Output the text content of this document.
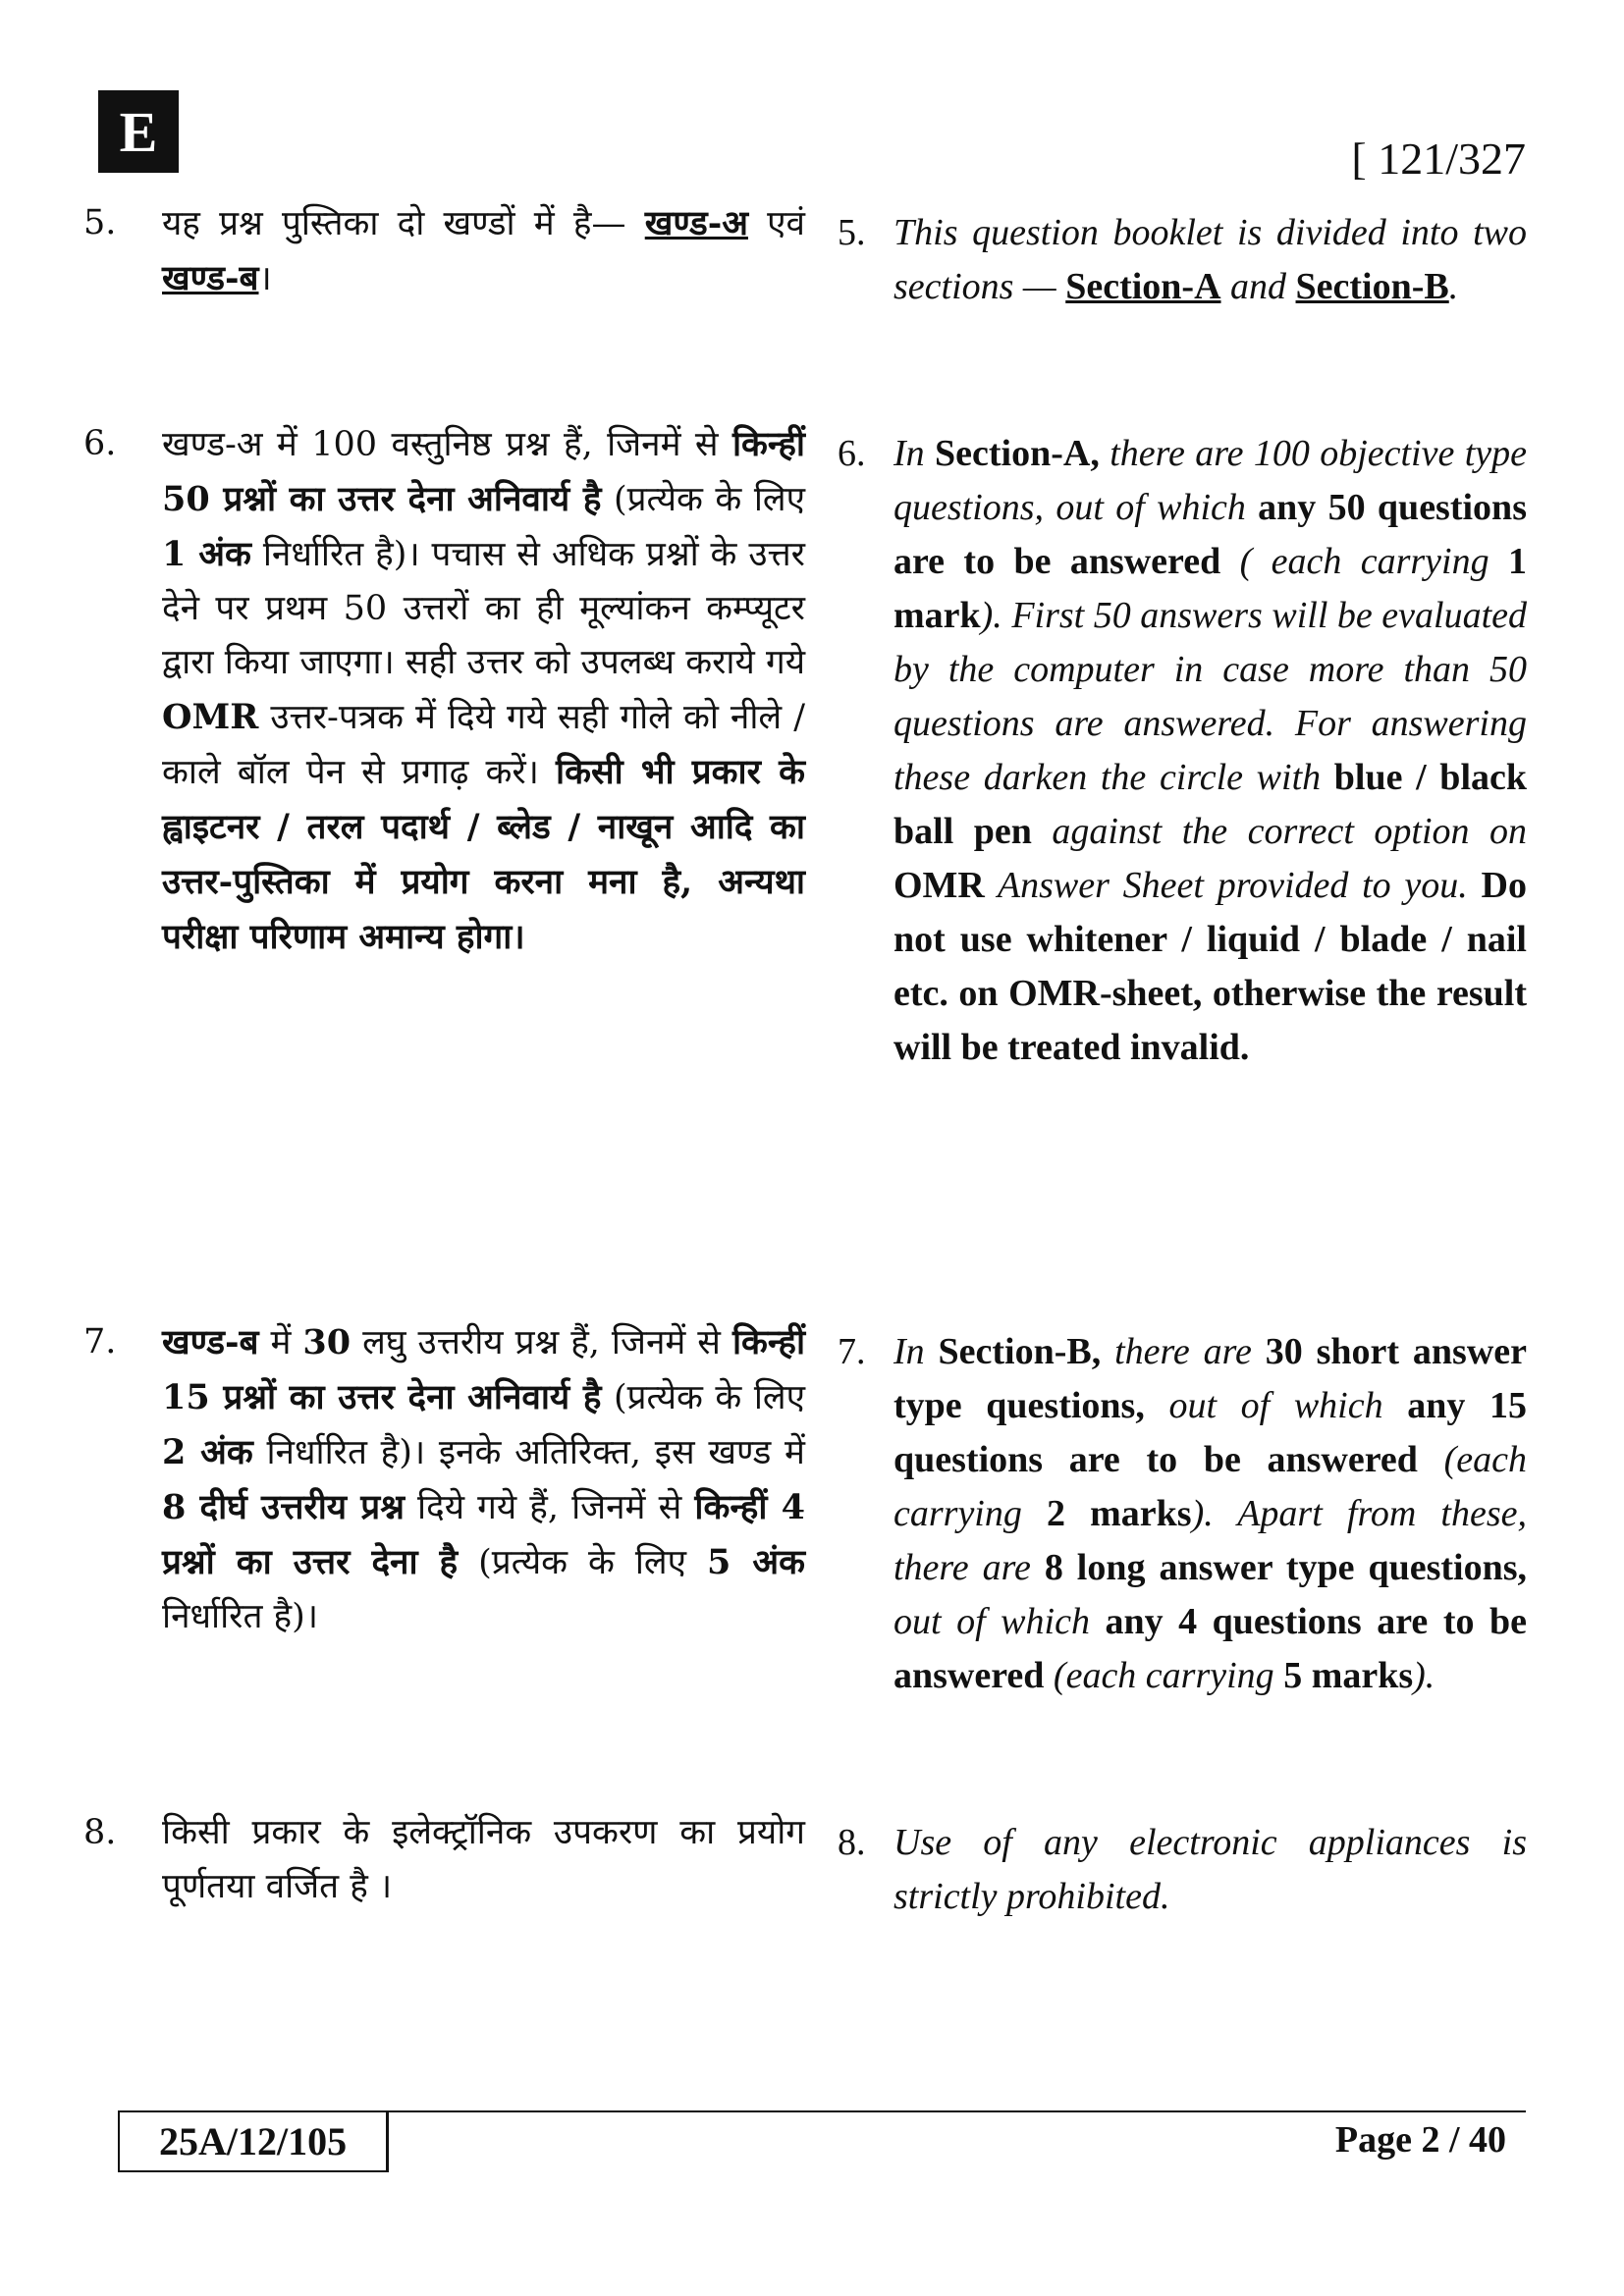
E	[ 121/327
5.	यह प्रश्न पुस्तिका दो खण्डों में है— खण्ड-अ एवं खण्ड-ब।
6.	खण्ड-अ में 100 वस्तुनिष्ठ प्रश्न हैं, जिनमें से किन्हीं 50 प्रश्नों का उत्तर देना अनिवार्य है (प्रत्येक के लिए 1 अंक निर्धारित है)। पचास से अधिक प्रश्नों के उत्तर देने पर प्रथम 50 उत्तरों का ही मूल्यांकन कम्प्यूटर द्वारा किया जाएगा। सही उत्तर को उपलब्ध कराये गये OMR उत्तर-पत्रक में दिये गये सही गोले को नीले / काले बॉल पेन से प्रगाढ़ करें। किसी भी प्रकार के ह्वाइटनर / तरल पदार्थ / ब्लेड / नाखून आदि का उत्तर-पुस्तिका में प्रयोग करना मना है, अन्यथा परीक्षा परिणाम अमान्य होगा।
7.	खण्ड-ब में 30 लघु उत्तरीय प्रश्न हैं, जिनमें से किन्हीं 15 प्रश्नों का उत्तर देना अनिवार्य है (प्रत्येक के लिए 2 अंक निर्धारित है)। इनके अतिरिक्त, इस खण्ड में 8 दीर्घ उत्तरीय प्रश्न दिये गये हैं, जिनमें से किन्हीं 4 प्रश्नों का उत्तर देना है (प्रत्येक के लिए 5 अंक निर्धारित है)।
8.	किसी प्रकार के इलेक्ट्रॉनिक उपकरण का प्रयोग पूर्णतया वर्जित है ।
5. This question booklet is divided into two sections — Section-A and Section-B.
6. In Section-A, there are 100 objective type questions, out of which any 50 questions are to be answered ( each carrying 1 mark). First 50 answers will be evaluated by the computer in case more than 50 questions are answered. For answering these darken the circle with blue / black ball pen against the correct option on OMR Answer Sheet provided to you. Do not use whitener / liquid / blade / nail etc. on OMR-sheet, otherwise the result will be treated invalid.
7. In Section-B, there are 30 short answer type questions, out of which any 15 questions are to be answered (each carrying 2 marks). Apart from these, there are 8 long answer type questions, out of which any 4 questions are to be answered (each carrying 5 marks).
8. Use of any electronic appliances is strictly prohibited.
25A/12/105	Page 2 / 40
